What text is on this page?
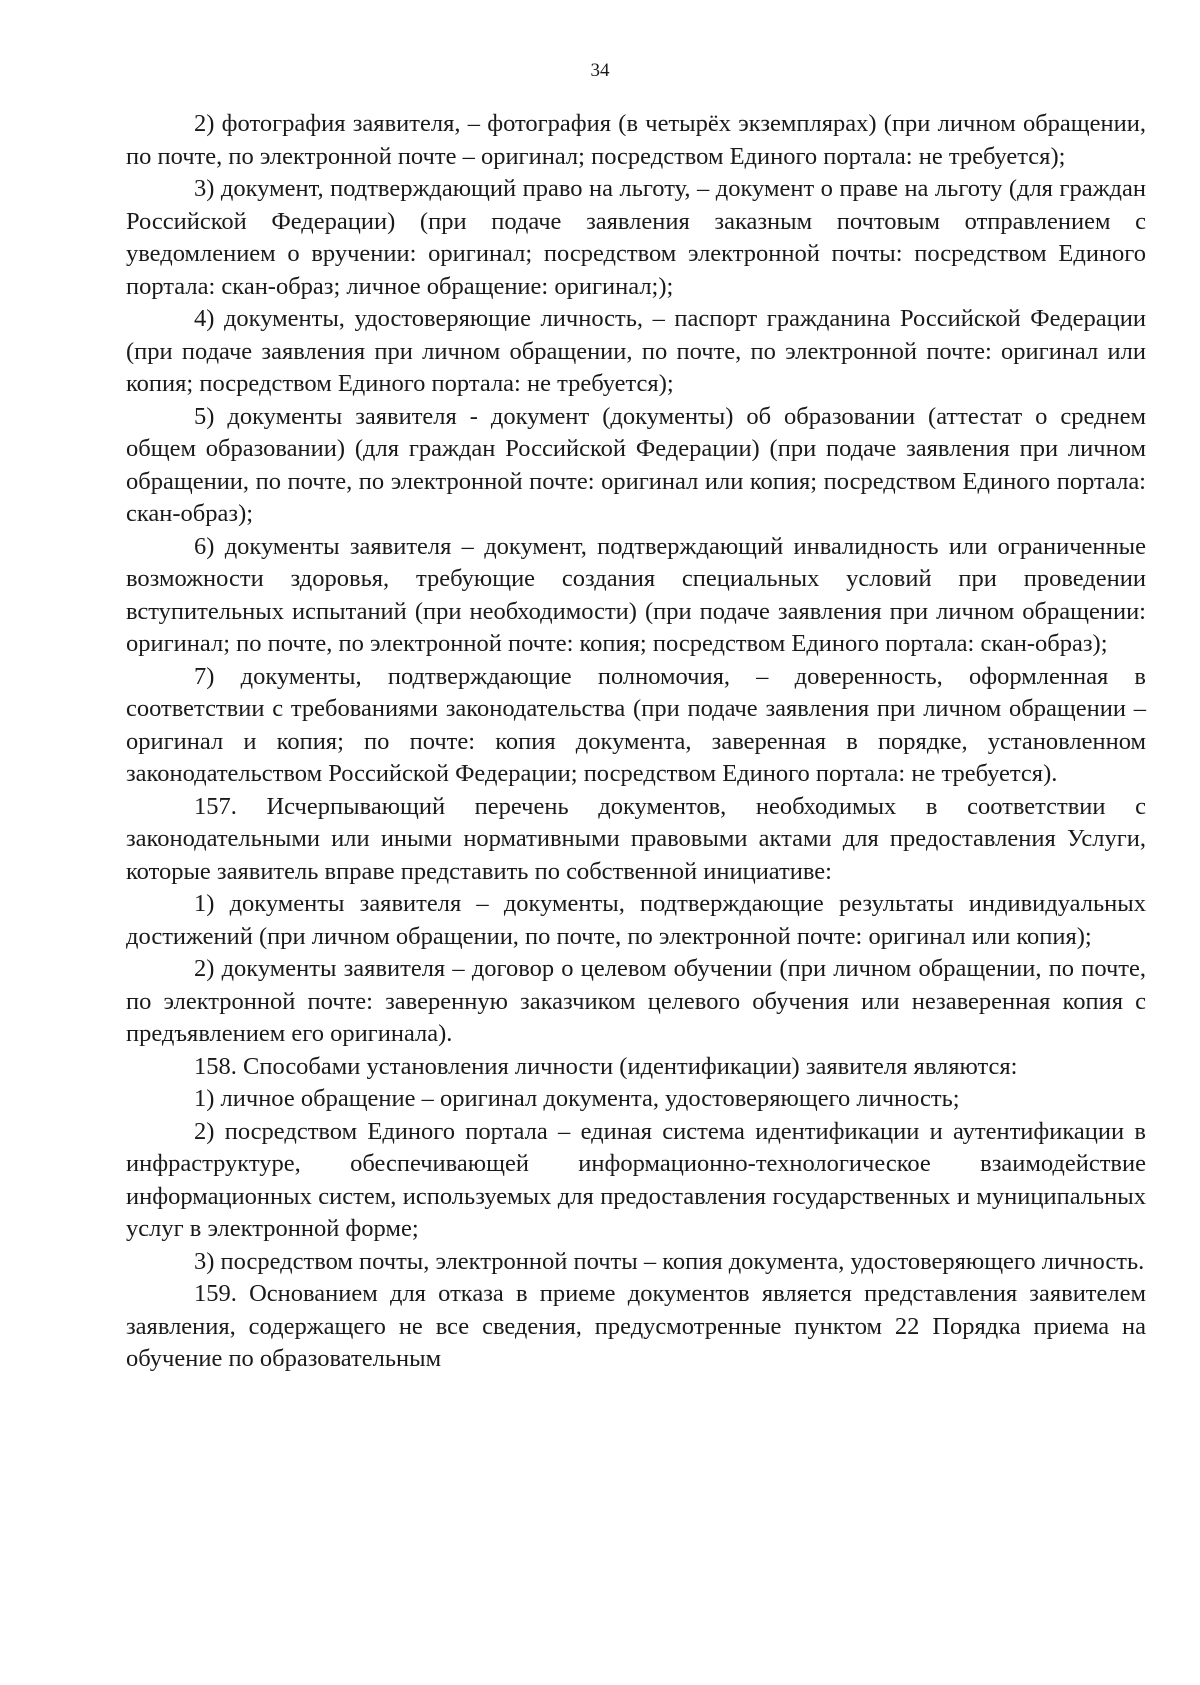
34

2) фотография заявителя, – фотография (в четырёх экземплярах) (при личном обращении, по почте, по электронной почте – оригинал; посредством Единого портала: не требуется);

3) документ, подтверждающий право на льготу, – документ о праве на льготу (для граждан Российской Федерации) (при подаче заявления заказным почтовым отправлением с уведомлением о вручении: оригинал; посредством электронной почты: посредством Единого портала: скан-образ; личное обращение: оригинал;);

4) документы, удостоверяющие личность, – паспорт гражданина Российской Федерации (при подаче заявления при личном обращении, по почте, по электронной почте: оригинал или копия; посредством Единого портала: не требуется);

5) документы заявителя - документ (документы) об образовании (аттестат о среднем общем образовании) (для граждан Российской Федерации) (при подаче заявления при личном обращении, по почте, по электронной почте: оригинал или копия; посредством Единого портала: скан-образ);

6) документы заявителя – документ, подтверждающий инвалидность или ограниченные возможности здоровья, требующие создания специальных условий при проведении вступительных испытаний (при необходимости) (при подаче заявления при личном обращении: оригинал; по почте, по электронной почте: копия; посредством Единого портала: скан-образ);

7) документы, подтверждающие полномочия, – доверенность, оформленная в соответствии с требованиями законодательства (при подаче заявления при личном обращении – оригинал и копия; по почте: копия документа, заверенная в порядке, установленном законодательством Российской Федерации; посредством Единого портала: не требуется).

157. Исчерпывающий перечень документов, необходимых в соответствии с законодательными или иными нормативными правовыми актами для предоставления Услуги, которые заявитель вправе представить по собственной инициативе:

1) документы заявителя – документы, подтверждающие результаты индивидуальных достижений (при личном обращении, по почте, по электронной почте: оригинал или копия);

2) документы заявителя – договор о целевом обучении (при личном обращении, по почте, по электронной почте: заверенную заказчиком целевого обучения или незаверенная копия с предъявлением его оригинала).

158. Способами установления личности (идентификации) заявителя являются:

1) личное обращение – оригинал документа, удостоверяющего личность;

2) посредством Единого портала – единая система идентификации и аутентификации в инфраструктуре, обеспечивающей информационно-технологическое взаимодействие информационных систем, используемых для предоставления государственных и муниципальных услуг в электронной форме;

3) посредством почты, электронной почты – копия документа, удостоверяющего личность.

159. Основанием для отказа в приеме документов является представления заявителем заявления, содержащего не все сведения, предусмотренные пунктом 22 Порядка приема на обучение по образовательным
